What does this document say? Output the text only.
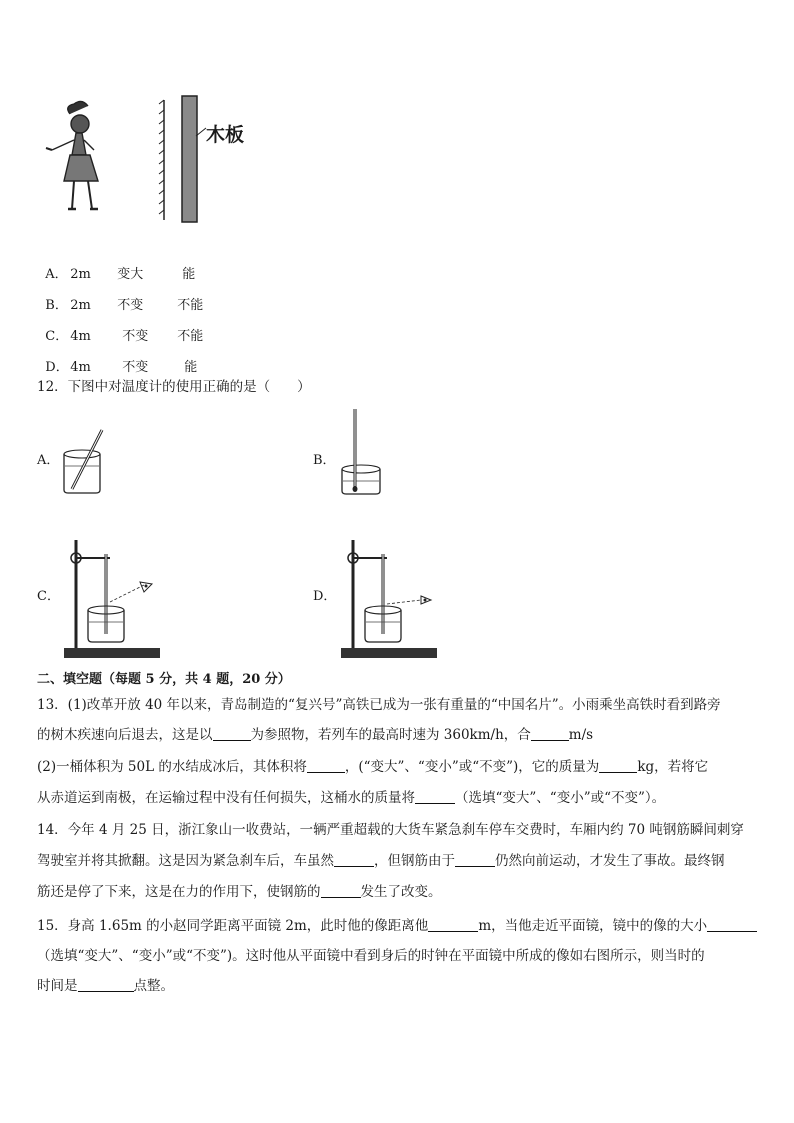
木板

A． 2m 变大	能

B． 2m 不变	不能

C． 4m 不变 不能

D． 4m 不变	能

12．下图中对温度计的使用正确的是（　　）
A．	B．
C．	D．
二、填空题（每题 5 分，共 4 题，20 分）
13．(1)改革开放 40 年以来，青岛制造的“复兴号”高铁已成为一张有重量的“中国名片”。小雨乘坐高铁时看到路旁
的树木疾速向后退去，这是以	为参照物，若列车的最高时速为 360km/h，合	m/s
(2)一桶体积为 50L 的水结成冰后，其体积将	，(“变大”、“变小”或“不变”)，它的质量为	kg，若将它
从赤道运到南极，在运输过程中没有任何损失，这桶水的质量将	（选填“变大”、“变小”或“不变”）。
14．今年 4 月 25 日，浙江象山一收费站，一辆严重超载的大货车紧急刹车停车交费时，车厢内约 70 吨钢筋瞬间刺穿
驾驶室并将其掀翻。这是因为紧急刹车后，车虽然	，但钢筋由于	仍然向前运动，才发生了事故。最终钢
筋还是停了下来，这是在力的作用下，使钢筋的	发生了改变。
15．身高 1.65m 的小赵同学距离平面镜 2m，此时他的像距离他	m，当他走近平面镜，镜中的像的大小
（选填“变大”、“变小”或“不变”)。这时他从平面镜中看到身后的时钟在平面镜中所成的像如右图所示，则当时的
时间是	点整。
